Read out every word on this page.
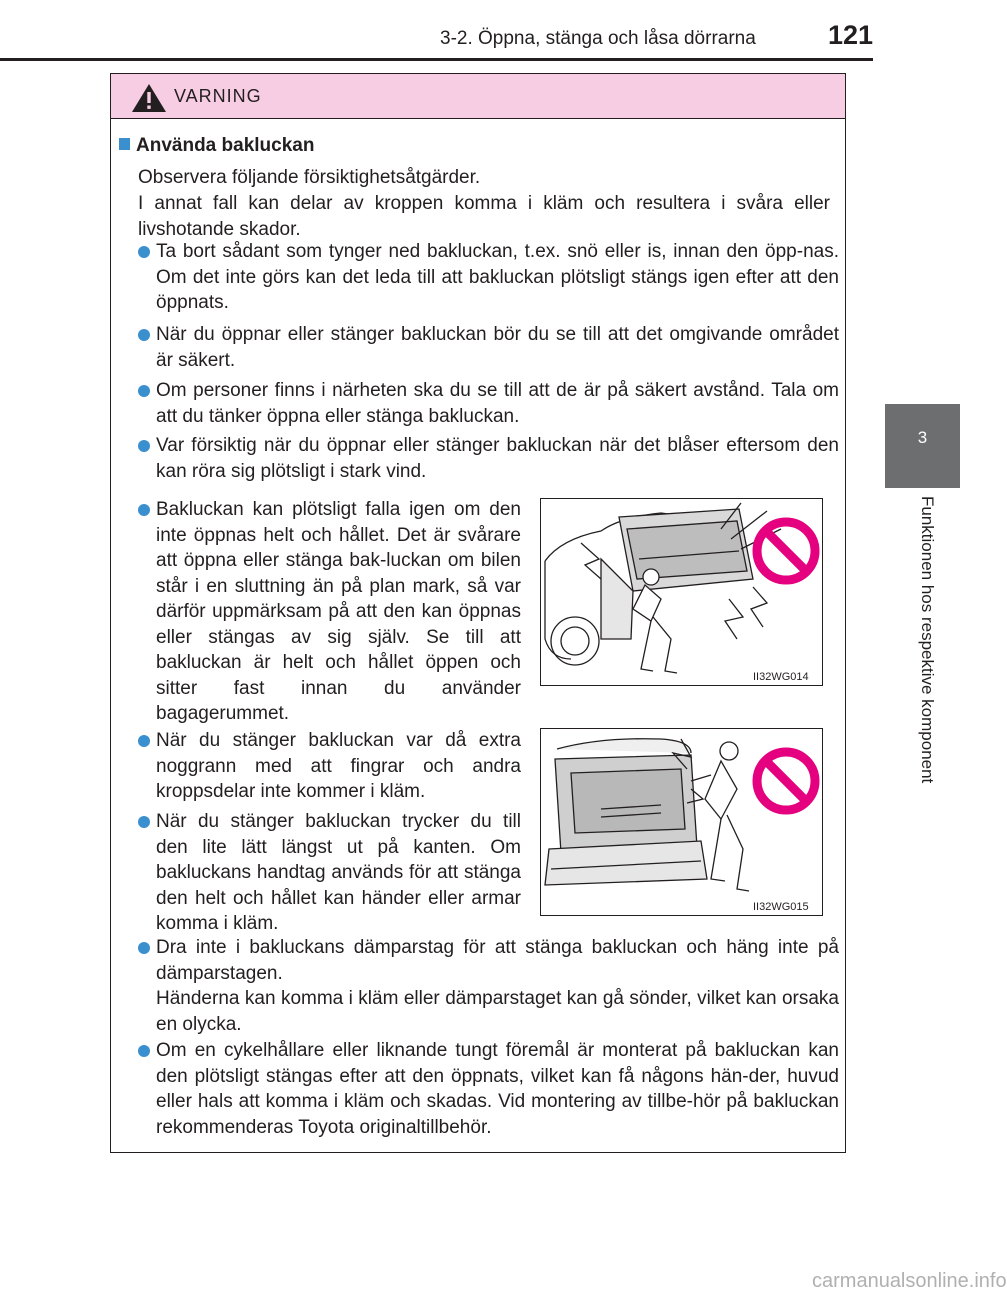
3-2. Öppna, stänga och låsa dörrarna	121
3
Funktionen hos respektive komponent
VARNING
Använda bakluckan
Observera följande försiktighetsåtgärder.
I annat fall kan delar av kroppen komma i kläm och resultera i svåra eller livshotande skador.
Ta bort sådant som tynger ned bakluckan, t.ex. snö eller is, innan den öpp-nas. Om det inte görs kan det leda till att bakluckan plötsligt stängs igen efter att den öppnats.
När du öppnar eller stänger bakluckan bör du se till att det omgivande området är säkert.
Om personer finns i närheten ska du se till att de är på säkert avstånd. Tala om att du tänker öppna eller stänga bakluckan.
Var försiktig när du öppnar eller stänger bakluckan när det blåser eftersom den kan röra sig plötsligt i stark vind.
Bakluckan kan plötsligt falla igen om den inte öppnas helt och hållet. Det är svårare att öppna eller stänga bak-luckan om bilen står i en sluttning än på plan mark, så var därför uppmärksam på att den kan öppnas eller stängas av sig själv. Se till att bakluckan är helt och hållet öppen och sitter fast innan du använder bagagerummet.
II32WG014
När du stänger bakluckan var då extra noggrann med att fingrar och andra kroppsdelar inte kommer i kläm.
När du stänger bakluckan trycker du till den lite lätt längst ut på kanten. Om bakluckans handtag används för att stänga den helt och hållet kan händer eller armar komma i kläm.
II32WG015
Dra inte i bakluckans dämparstag för att stänga bakluckan och häng inte på dämparstagen.
Händerna kan komma i kläm eller dämparstaget kan gå sönder, vilket kan orsaka en olycka.
Om en cykelhållare eller liknande tungt föremål är monterat på bakluckan kan den plötsligt stängas efter att den öppnats, vilket kan få någons hän-der, huvud eller hals att komma i kläm och skadas. Vid montering av tillbe-hör på bakluckan rekommenderas Toyota originaltillbehör.
carmanualsonline.info
